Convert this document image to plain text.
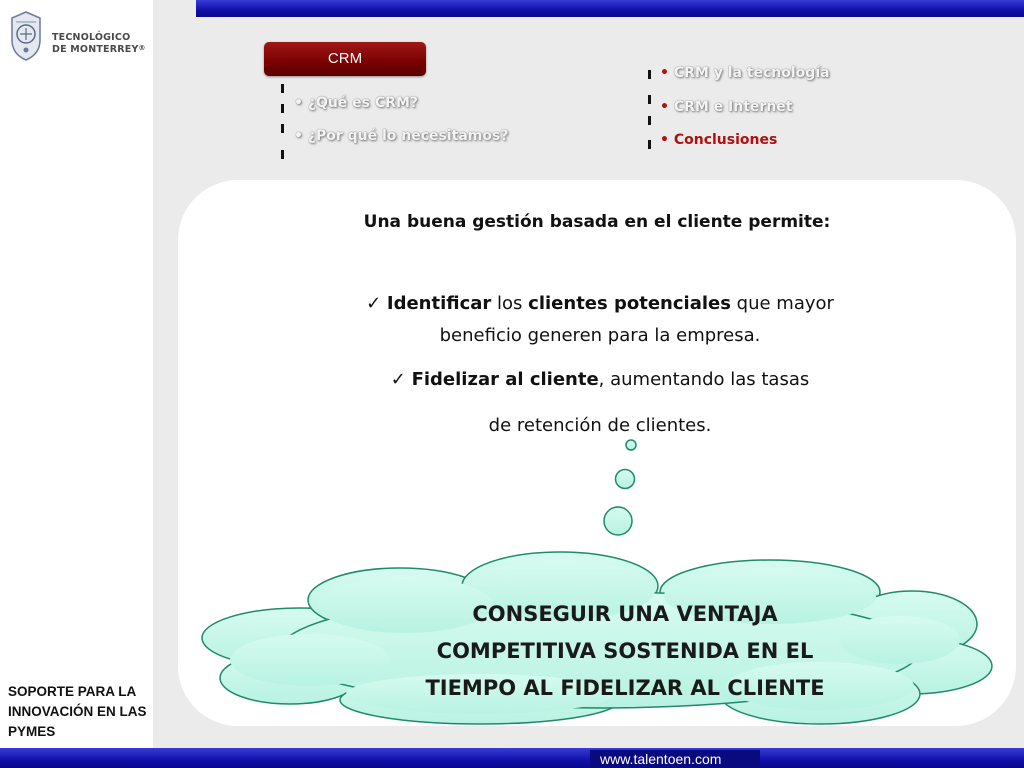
TECNOLÓGICO
DE MONTERREY®
SOPORTE PARA LA INNOVACIÓN EN LAS PYMES
CRM
• ¿Qué es CRM?
• ¿Por qué lo necesitamos?
• CRM y la tecnología
• CRM e Internet
• Conclusiones
Una buena gestión basada en el cliente permite:
✓ Identificar los clientes potenciales que mayor
beneficio generen para la empresa.
✓ Fidelizar al cliente, aumentando las tasas

de retención de clientes.
CONSEGUIR UNA VENTAJA
COMPETITIVA SOSTENIDA EN EL
TIEMPO AL FIDELIZAR AL CLIENTE
www.talentoen.com
